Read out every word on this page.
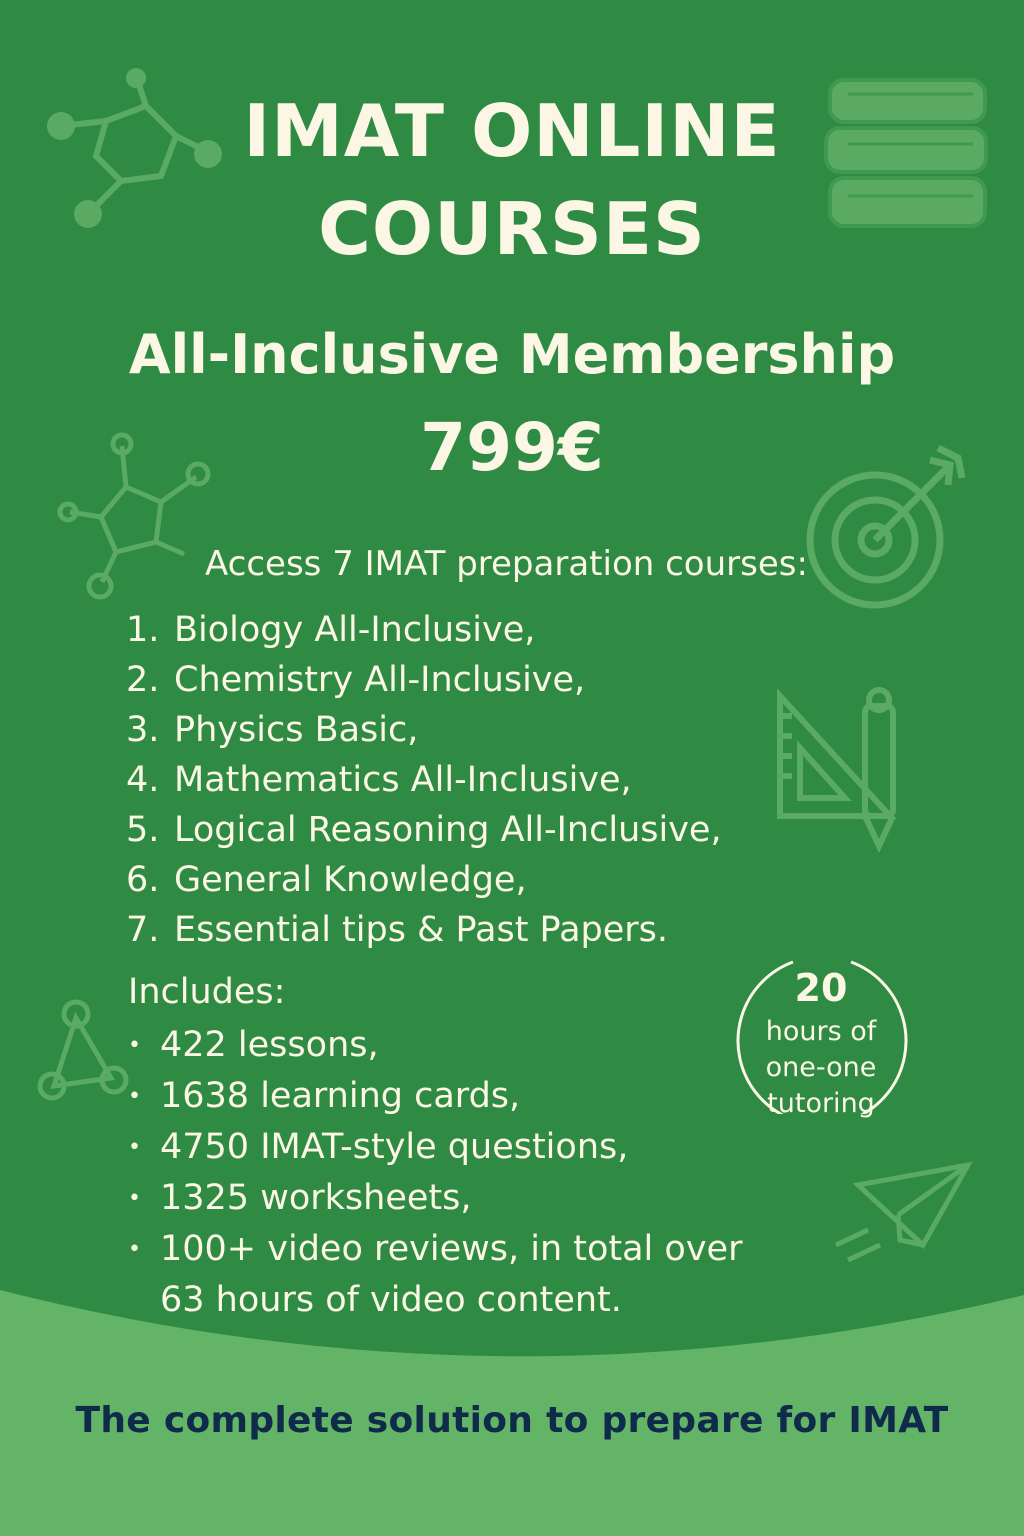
IMAT ONLINE
COURSES
All-Inclusive Membership
799€
Access 7 IMAT preparation courses:
1. Biology All-Inclusive,
2. Chemistry All-Inclusive,
3. Physics Basic,
4. Mathematics All-Inclusive,
5. Logical Reasoning All-Inclusive,
6. General Knowledge,
7. Essential tips & Past Papers.
Includes:
• 422 lessons,
• 1638 learning cards,
• 4750 IMAT-style questions,
• 1325 worksheets,
• 100+ video reviews, in total over
63 hours of video content.
20
hours of
one-one
tutoring
The complete solution to prepare for IMAT
